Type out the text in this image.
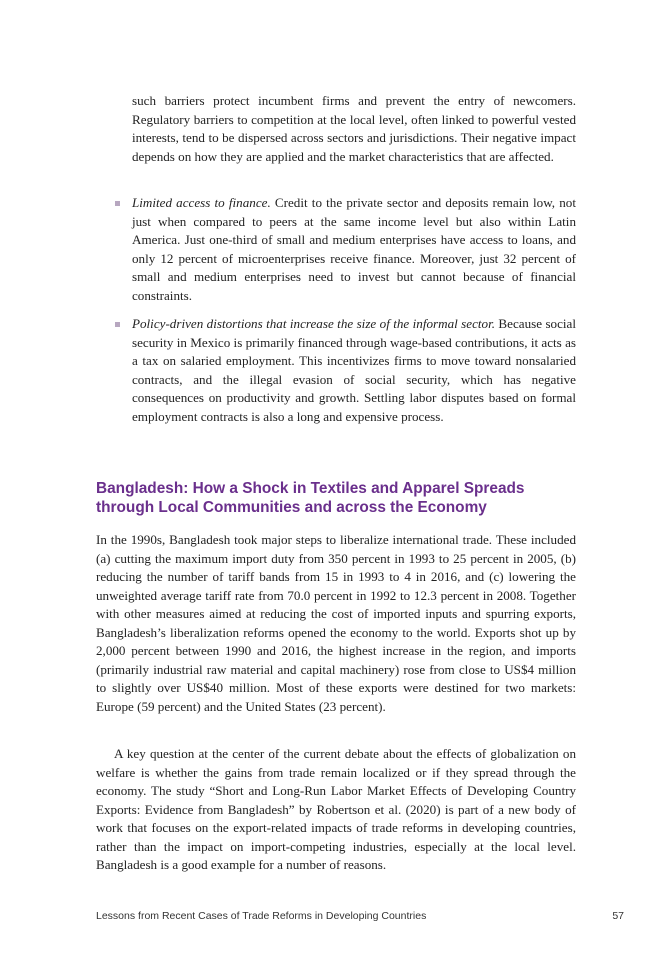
such barriers protect incumbent firms and prevent the entry of newcomers. Regulatory barriers to competition at the local level, often linked to powerful vested interests, tend to be dispersed across sectors and jurisdictions. Their negative impact depends on how they are applied and the market characteristics that are affected.

Limited access to finance. Credit to the private sector and deposits remain low, not just when compared to peers at the same income level but also within Latin America. Just one-third of small and medium enterprises have access to loans, and only 12 percent of microenterprises receive finance. Moreover, just 32 percent of small and medium enterprises need to invest but cannot because of financial constraints.
Policy-driven distortions that increase the size of the informal sector. Because social security in Mexico is primarily financed through wage-based contributions, it acts as a tax on salaried employment. This incentivizes firms to move toward nonsalaried contracts, and the illegal evasion of social security, which has negative consequences on productivity and growth. Settling labor disputes based on formal employment contracts is also a long and expensive process.
Bangladesh: How a Shock in Textiles and Apparel Spreads through Local Communities and across the Economy

In the 1990s, Bangladesh took major steps to liberalize international trade. These included (a) cutting the maximum import duty from 350 percent in 1993 to 25 percent in 2005, (b) reducing the number of tariff bands from 15 in 1993 to 4 in 2016, and (c) lowering the unweighted average tariff rate from 70.0 percent in 1992 to 12.3 percent in 2008. Together with other measures aimed at reducing the cost of imported inputs and spurring exports, Bangladesh’s liberalization reforms opened the economy to the world. Exports shot up by 2,000 percent between 1990 and 2016, the highest increase in the region, and imports (primarily industrial raw material and capital machinery) rose from close to US$4 million to slightly over US$40 million. Most of these exports were destined for two markets: Europe (59 percent) and the United States (23 percent).

A key question at the center of the current debate about the effects of globalization on welfare is whether the gains from trade remain localized or if they spread through the economy. The study “Short and Long-Run Labor Market Effects of Developing Country Exports: Evidence from Bangladesh” by Robertson et al. (2020) is part of a new body of work that focuses on the export-related impacts of trade reforms in developing countries, rather than the impact on import-competing industries, especially at the local level. Bangladesh is a good example for a number of reasons.

Lessons from Recent Cases of Trade Reforms in Developing Countries	57
